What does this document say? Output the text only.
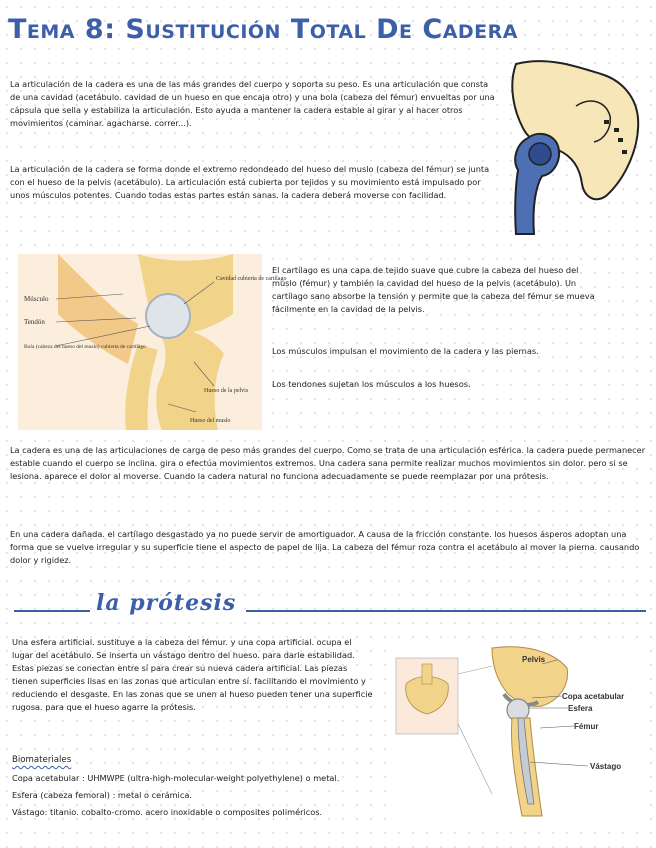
Tema 8: Sustitución Total De Cadera
La articulación de la cadera es una de las más grandes del cuerpo y soporta su peso. Es una articulación que consta de una cavidad (acetábulo. cavidad de un hueso en que encaja otro) y una bola (cabeza del fémur) envueltas por una cápsula que sella y estabiliza la articulación. Esto ayuda a mantener la cadera estable al girar y al hacer otros movimientos (caminar. agacharse. correr...).
La articulación de la cadera se forma donde el extremo redondeado del hueso del muslo (cabeza del fémur) se junta con el hueso de la pelvis (acetábulo). La articulación está cubierta por tejidos y su movimiento está impulsado por unos músculos potentes. Cuando todas estas partes están sanas. la cadera deberá moverse con facilidad.
Músculo
Tendón
Bola (cabeza del hueso del muslo) cubierta de cartílago
Cavidad cubierta de cartílago
Hueso de la pelvis
Hueso del muslo
El cartílago es una capa de tejido suave que cubre la cabeza del hueso del muslo (fémur) y también la cavidad del hueso de la pelvis (acetábulo). Un cartílago sano absorbe la tensión y permite que la cabeza del fémur se mueva fácilmente en la cavidad de la pelvis.
Los músculos impulsan el movimiento de la cadera y las piernas.
Los tendones sujetan los músculos a los huesos.
La cadera es una de las articulaciones de carga de peso más grandes del cuerpo. Como se trata de una articulación esférica. la cadera puede permanecer estable cuando el cuerpo se inclina. gira o efectúa movimientos extremos. Una cadera sana permite realizar muchos movimientos sin dolor. pero si se lesiona. aparece el dolor al moverse. Cuando la cadera natural no funciona adecuadamente se puede reemplazar por una prótesis.
En una cadera dañada. el cartílago desgastado ya no puede servir de amortiguador. A causa de la fricción constante. los huesos ásperos adoptan una forma que se vuelve irregular y su superficie tiene el aspecto de papel de lija. La cabeza del fémur roza contra el acetábulo al mover la pierna. causando dolor y rigidez.
la prótesis
Una esfera artificial. sustituye a la cabeza del fémur. y una copa artificial. ocupa el lugar del acetábulo. Se inserta un vástago dentro del hueso. para darle estabilidad. Estas piezas se conectan entre sí para crear su nueva cadera artificial. Las piezas tienen superficies lisas en las zonas que articulan entre sí. facilitando el movimiento y reduciendo el desgaste. En las zonas que se unen al hueso pueden tener una superficie rugosa. para que el hueso agarre la prótesis.
Pelvis
Copa acetabular
Esfera
Fémur
Vástago
Biomateriales
Copa acetabular : UHMWPE (ultra-high-molecular-weight polyethylene) o metal.
Esfera (cabeza femoral) : metal o cerámica.
Vástago: titanio. cobalto-cromo. acero inoxidable o composites poliméricos.
